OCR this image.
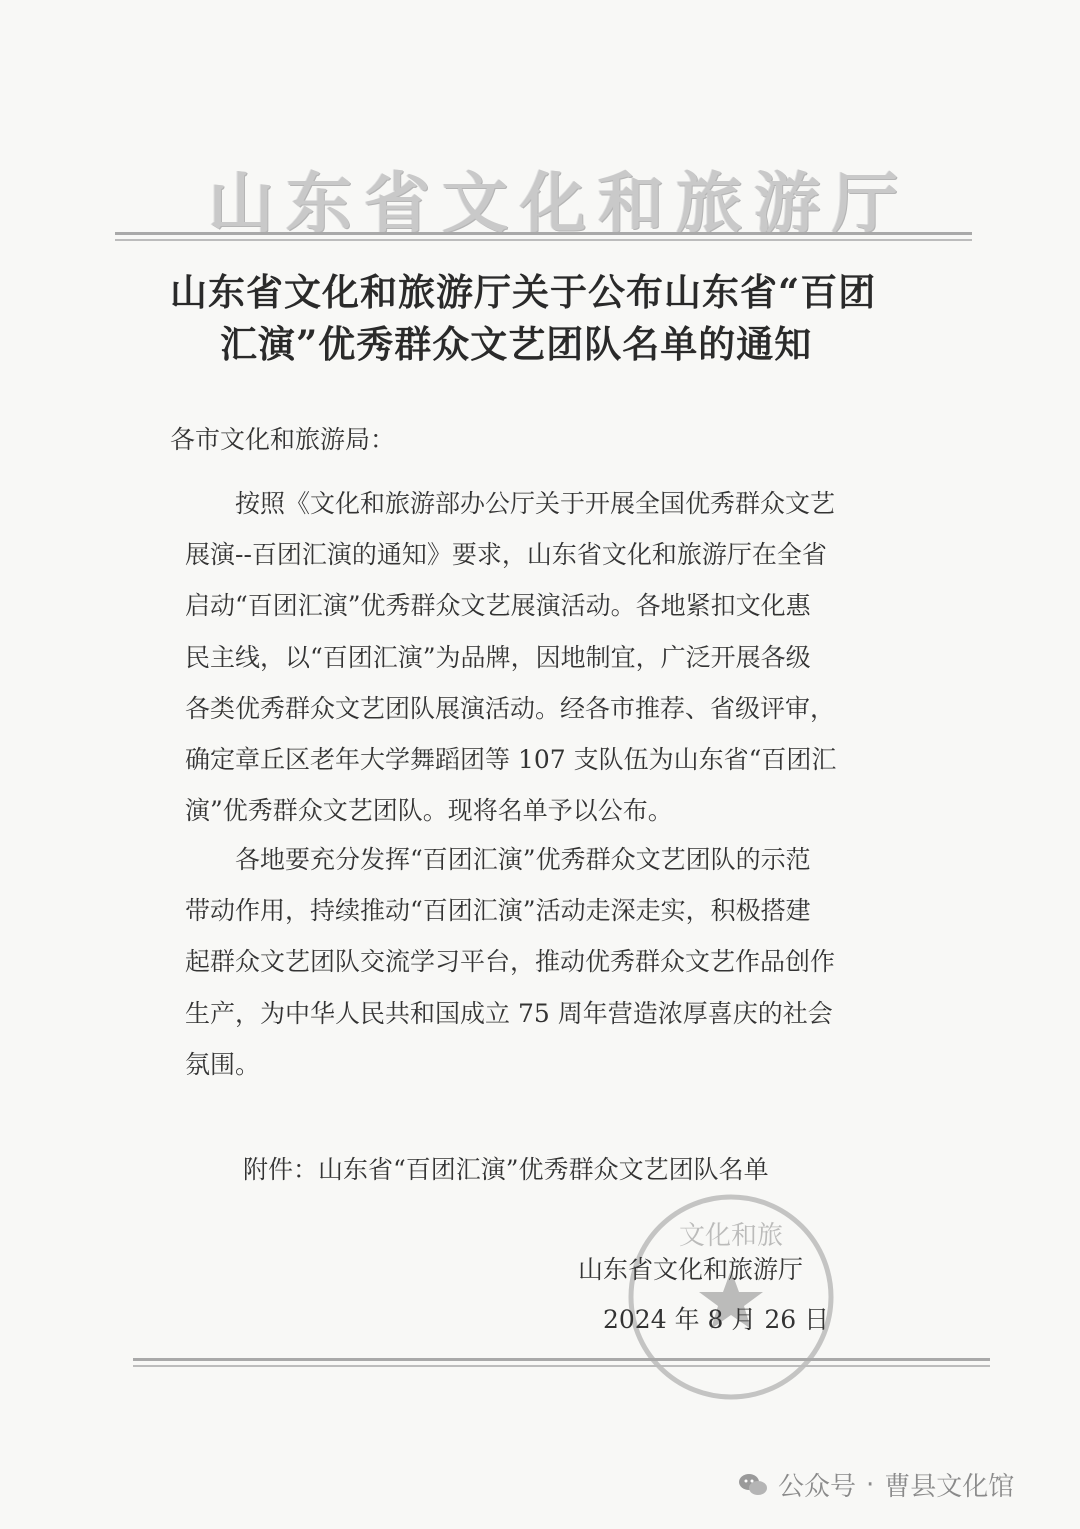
山东省文化和旅游厅
山东省文化和旅游厅关于公布山东省“百团
汇演”优秀群众文艺团队名单的通知
各市文化和旅游局：
按照《文化和旅游部办公厅关于开展全国优秀群众文艺
展演--百团汇演的通知》要求，山东省文化和旅游厅在全省
启动“百团汇演”优秀群众文艺展演活动。各地紧扣文化惠
民主线，以“百团汇演”为品牌，因地制宜，广泛开展各级
各类优秀群众文艺团队展演活动。经各市推荐、省级评审，
确定章丘区老年大学舞蹈团等 107 支队伍为山东省“百团汇
演”优秀群众文艺团队。现将名单予以公布。
各地要充分发挥“百团汇演”优秀群众文艺团队的示范
带动作用，持续推动“百团汇演”活动走深走实，积极搭建
起群众文艺团队交流学习平台，推动优秀群众文艺作品创作
生产，为中华人民共和国成立 75 周年营造浓厚喜庆的社会
氛围。
附件：山东省“百团汇演”优秀群众文艺团队名单
文化和旅
山东省文化和旅游厅
2024 年 8 月 26 日
公众号 · 曹县文化馆
